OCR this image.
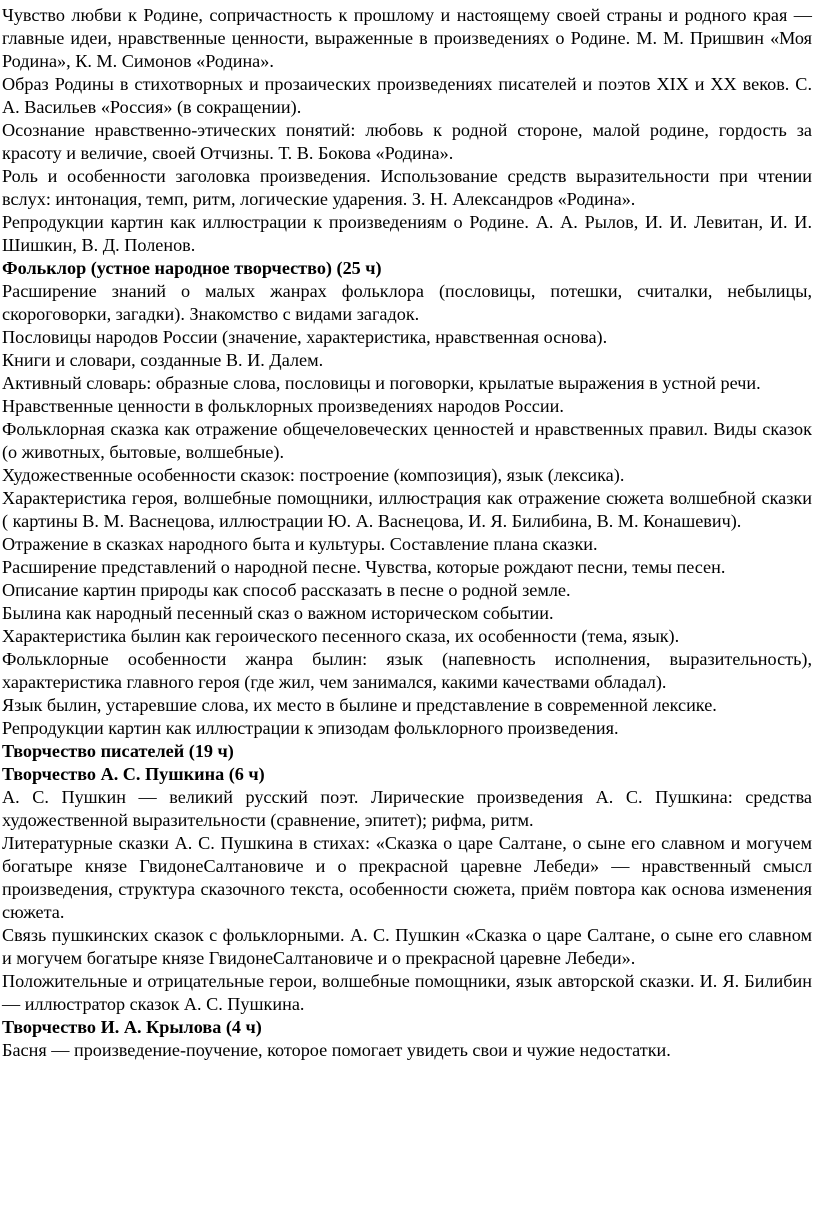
Чувство любви к Родине, сопричастность к прошлому и настоящему своей страны и родного края — главные идеи, нравственные ценности, выраженные в произведениях о Родине. М. М. Пришвин «Моя Родина», К. М. Симонов «Родина».

Образ Родины в стихотворных и прозаических произведениях писателей и поэтов XIX и XX веков. С. А. Васильев «Россия» (в сокращении).

Осознание нравственно-этических понятий: любовь к родной стороне, малой родине, гордость за красоту и величие, своей Отчизны. Т. В. Бокова «Родина».

Роль и особенности заголовка произведения. Использование средств выразительности при чтении вслух: интонация, темп, ритм, логические ударения. З. Н. Александров «Родина».

Репродукции картин как иллюстрации к произведениям о Родине. А. А. Рылов, И. И. Левитан, И. И. Шишкин, В. Д. Поленов.

Фольклор (устное народное творчество) (25 ч)

Расширение знаний о малых жанрах фольклора (пословицы, потешки, считалки, небылицы, скороговорки, загадки). Знакомство с видами загадок.

Пословицы народов России (значение, характеристика, нравственная основа).

Книги и словари, созданные В. И. Далем.

Активный словарь: образные слова, пословицы и поговорки, крылатые выражения в устной речи.

Нравственные ценности в фольклорных произведениях народов России.

Фольклорная сказка как отражение общечеловеческих ценностей и нравственных правил. Виды сказок (о животных, бытовые, волшебные).

Художественные особенности сказок: построение (композиция), язык (лексика).

Характеристика героя, волшебные помощники, иллюстрация как отражение сюжета волшебной сказки ( картины В. М. Васнецова, иллюстрации Ю. А. Васнецова, И. Я. Билибина, В. М. Конашевич).

Отражение в сказках народного быта и культуры. Составление плана сказки.

Расширение представлений о народной песне. Чувства, которые рождают песни, темы песен.

Описание картин природы как способ рассказать в песне о родной земле.

Былина как народный песенный сказ о важном историческом событии.

Характеристика былин как героического песенного сказа, их особенности (тема, язык).

Фольклорные особенности жанра былин: язык (напевность исполнения, выразительность), характеристика главного героя (где жил, чем занимался, какими качествами обладал).

Язык былин, устаревшие слова, их место в былине и представление в современной лексике.

Репродукции картин как иллюстрации к эпизодам фольклорного произведения.

Творчество писателей (19 ч)

Творчество А. С. Пушкина (6 ч)

А. С. Пушкин — великий русский поэт. Лирические произведения А. С. Пушкина: средства художественной выразительности (сравнение, эпитет); рифма, ритм.

Литературные сказки А. С. Пушкина в стихах: «Сказка о царе Салтане, о сыне его славном и могучем богатыре князе ГвидонеСалтановиче и о прекрасной царевне Лебеди» — нравственный смысл произведения, структура сказочного текста, особенности сюжета, приём повтора как основа изменения сюжета.

Связь пушкинских сказок с фольклорными. А. С. Пушкин «Сказка о царе Салтане, о сыне его славном и могучем богатыре князе ГвидонеСалтановиче и о прекрасной царевне Лебеди».

Положительные и отрицательные герои, волшебные помощники, язык авторской сказки. И. Я. Билибин — иллюстратор сказок А. С. Пушкина.

Творчество И. А. Крылова (4 ч)

Басня — произведение-поучение, которое помогает увидеть свои и чужие недостатки.
